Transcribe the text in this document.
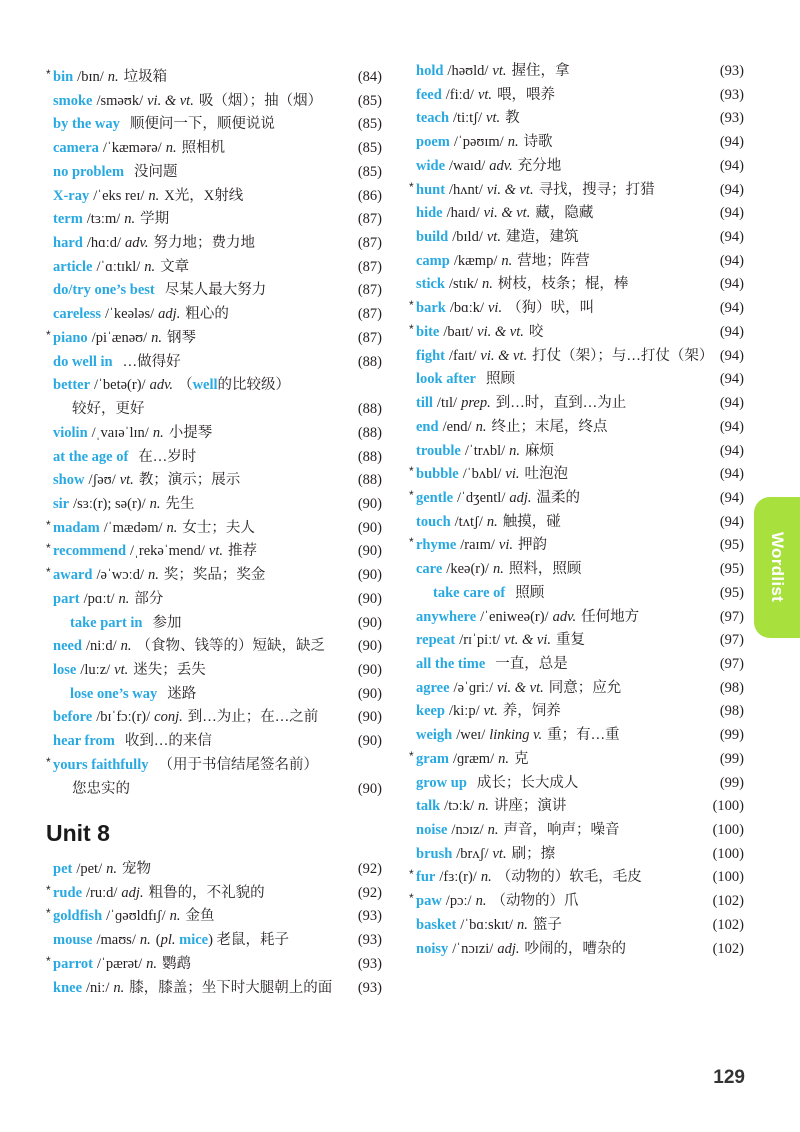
* bin /bɪn/ n. 垃圾箱	(84)
smoke /sməʊk/ vi. & vt. 吸（烟）；抽（烟）	(85)
by the way 顺便问一下，顺便说说	(85)
camera /ˈkæmərə/ n. 照相机	(85)
no problem 没问题	(85)
X-ray /ˈeks reɪ/ n. X光，X射线	(86)
term /tɜːm/ n. 学期	(87)
hard /hɑːd/ adv. 努力地；费力地	(87)
article /ˈɑːtɪkl/ n. 文章	(87)
do/try one’s best 尽某人最大努力	(87)
careless /ˈkeələs/ adj. 粗心的	(87)
* piano /piˈænəʊ/ n. 钢琴	(87)
do well in …做得好	(88)
better /ˈbetə(r)/ adv. （well的比较级）
较好，更好	(88)
violin /ˌvaɪəˈlɪn/ n. 小提琴	(88)
at the age of 在…岁时	(88)
show /ʃəʊ/ vt. 教；演示；展示	(88)
sir /sɜː(r); sə(r)/ n. 先生	(90)
* madam /ˈmædəm/ n. 女士；夫人	(90)
* recommend /ˌrekəˈmend/ vt. 推荐	(90)
* award /əˈwɔːd/ n. 奖；奖品；奖金	(90)
part /pɑːt/ n. 部分	(90)
take part in 参加	(90)
need /niːd/ n. （食物、钱等的）短缺，缺乏	(90)
lose /luːz/ vt. 迷失；丢失	(90)
lose one’s way 迷路	(90)
before /bɪˈfɔː(r)/ conj. 到…为止；在…之前	(90)
hear from 收到…的来信	(90)
* yours faithfully （用于书信结尾签名前）
您忠实的	(90)
Unit 8
pet /pet/ n. 宠物	(92)
* rude /ruːd/ adj. 粗鲁的，不礼貌的	(92)
* goldfish /ˈɡəʊldfɪʃ/ n. 金鱼	(93)
mouse /maʊs/ n. (pl. mice) 老鼠，耗子	(93)
* parrot /ˈpærət/ n. 鹦鹉	(93)
knee /niː/ n. 膝，膝盖；坐下时大腿朝上的面	(93)
hold /həʊld/ vt. 握住，拿	(93)
feed /fiːd/ vt. 喂，喂养	(93)
teach /tiːtʃ/ vt. 教	(93)
poem /ˈpəʊɪm/ n. 诗歌	(94)
wide /waɪd/ adv. 充分地	(94)
* hunt /hʌnt/ vi. & vt. 寻找，搜寻；打猎	(94)
hide /haɪd/ vi. & vt. 藏，隐藏	(94)
build /bɪld/ vt. 建造，建筑	(94)
camp /kæmp/ n. 营地；阵营	(94)
stick /stɪk/ n. 树枝，枝条；棍，棒	(94)
* bark /bɑːk/ vi. （狗）吠，叫	(94)
* bite /baɪt/ vi. & vt. 咬	(94)
fight /faɪt/ vi. & vt. 打仗（架）；与…打仗（架） (94)
look after 照顾	(94)
till /tɪl/ prep. 到…时，直到…为止	(94)
end /end/ n. 终止；末尾，终点	(94)
trouble /ˈtrʌbl/ n. 麻烦	(94)
* bubble /ˈbʌbl/ vi. 吐泡泡	(94)
* gentle /ˈdʒentl/ adj. 温柔的	(94)
touch /tʌtʃ/ n. 触摸，碰	(94)
* rhyme /raɪm/ vi. 押韵	(95)
care /keə(r)/ n. 照料，照顾	(95)
take care of 照顾	(95)
anywhere /ˈeniweə(r)/ adv. 任何地方	(97)
repeat /rɪˈpiːt/ vt. & vi. 重复	(97)
all the time 一直，总是	(97)
agree /əˈɡriː/ vi. & vt. 同意；应允	(98)
keep /kiːp/ vt. 养，饲养	(98)
weigh /weɪ/ linking v. 重；有…重	(99)
* gram /ɡræm/ n. 克	(99)
grow up 成长；长大成人	(99)
talk /tɔːk/ n. 讲座；演讲	(100)
noise /nɔɪz/ n. 声音，响声；噪音	(100)
brush /brʌʃ/ vt. 刷；擦	(100)
* fur /fɜː(r)/ n. （动物的）软毛，毛皮	(100)
* paw /pɔː/ n. （动物的）爪	(102)
basket /ˈbɑːskɪt/ n. 篮子	(102)
noisy /ˈnɔɪzi/ adj. 吵闹的，嘈杂的	(102)
Wordlist
129
